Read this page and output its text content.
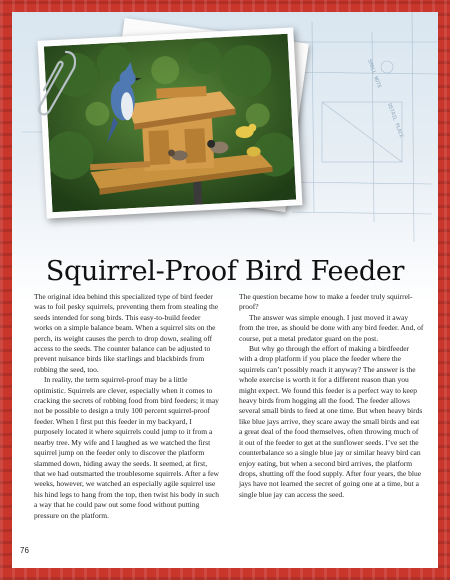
SMALL NOTE
DETAIL PLACE
Squirrel-Proof Bird Feeder

The original idea behind this specialized type of bird feeder was to foil pesky squirrels, preventing them from stealing the seeds intended for song birds. This easy-to-build feeder works on a simple balance beam. When a squirrel sits on the perch, its weight causes the perch to drop down, sealing off access to the seeds. The counter balance can be adjusted to prevent nuisance birds like starlings and blackbirds from robbing the seed, too.

In reality, the term squirrel-proof may be a little optimistic. Squirrels are clever, especially when it comes to cracking the secrets of robbing food from bird feeders; it may not be possible to design a truly 100 percent squirrel-proof feeder. When I first put this feeder in my backyard, I purposely located it where squirrels could jump to it from a nearby tree. My wife and I laughed as we watched the first squirrel jump on the feeder only to discover the platform slammed down, hiding away the seeds. It seemed, at first, that we had outsmarted the troublesome squirrels. After a few weeks, however, we watched an especially agile squirrel use his hind legs to hang from the top, then twist his body in such a way that he could paw out some food without putting pressure on the platform.

The question became how to make a feeder truly squirrel-proof?

The answer was simple enough. I just moved it away from the tree, as should be done with any bird feeder. And, of course, put a metal predator guard on the post.

But why go through the effort of making a birdfeeder with a drop platform if you place the feeder where the squirrels can’t possibly reach it anyway? The answer is the whole exercise is worth it for a different reason than you might expect. We found this feeder is a perfect way to keep heavy birds from hogging all the food. The feeder allows several small birds to feed at one time. But when heavy birds like blue jays arrive, they scare away the small birds and eat a great deal of the food themselves, often throwing much of it out of the feeder to get at the sunflower seeds. I’ve set the counterbalance so a single blue jay or similar heavy bird can enjoy eating, but when a second bird arrives, the platform drops, shutting off the food supply. After four years, the blue jays have not learned the secret of going one at a time, but a single blue jay can access the seed.

76
